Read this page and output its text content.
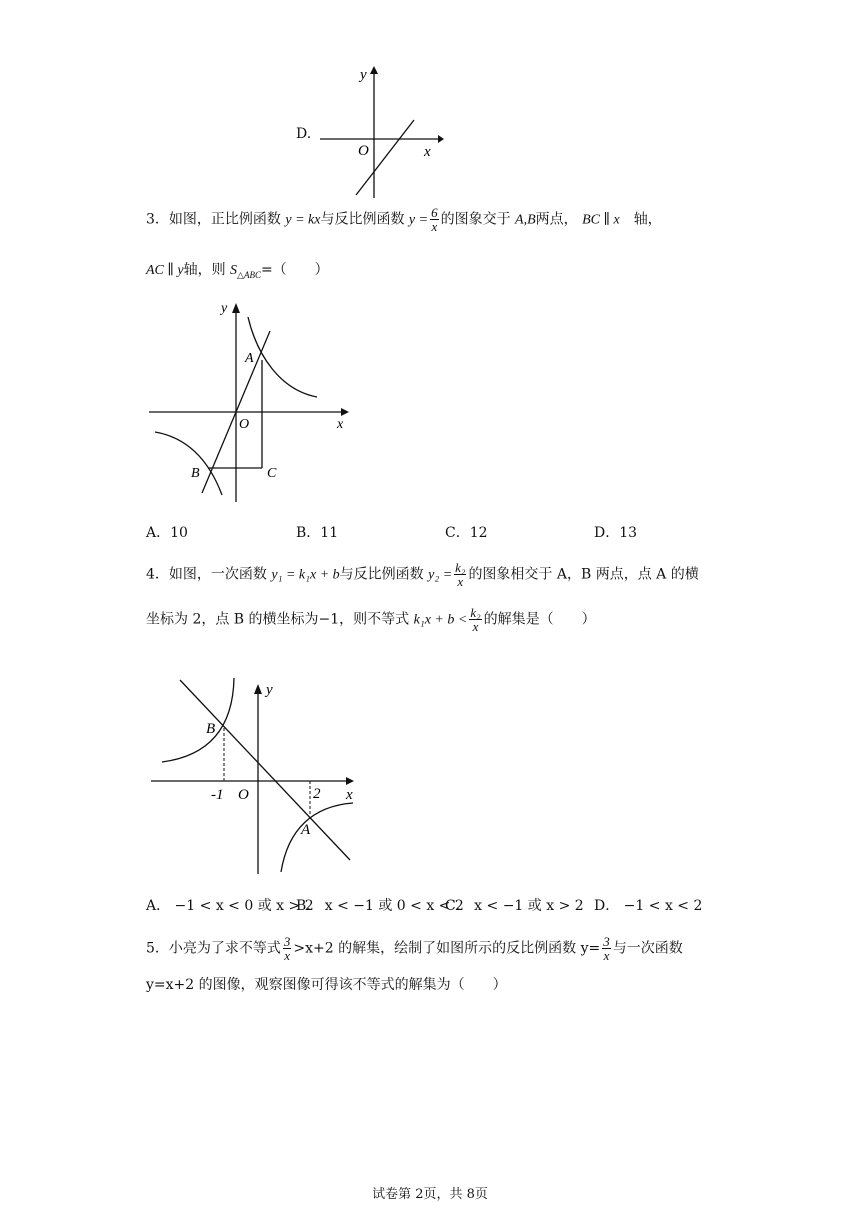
D.
y
O	x
3．如图，正比例函数 y = kx与反比例函数 $y = \frac{6}{x}$ 的图象交于 A,B两点， BC ∥ x　 轴，
AC ∥ y轴，则 $S_{\triangle ABC}=$（　　）
y
A
O	x
B	C
A．10	B．11	C．12	D．13
4．如图，一次函数 y₁ = k₁x + b与反比例函数 $y_2 = \frac{\text{k₂}}{x}$ 的图象相交于 A，B 两点，点 A 的横
坐标为 2，点 B 的横坐标为−1，则不等式 $k_1x + b < \frac{\text{k₂}}{x}$ 的解集是（　　）
y
B
-1 O	2 x
A
A． −1 < x < 0 或 x > 2
B． x < −1 或 0 < x < 2
C． x < −1 或 x > 2 D． −1 < x < 2
5．小亮为了求不等式 $\frac{3}{x} >x+2$ 的解集，绘制了如图所示的反比例函数 $y= \frac{3}{x}$ 与一次函数
y=x+2 的图像，观察图像可得该不等式的解集为（　　）
试卷第 2页，共 8页
